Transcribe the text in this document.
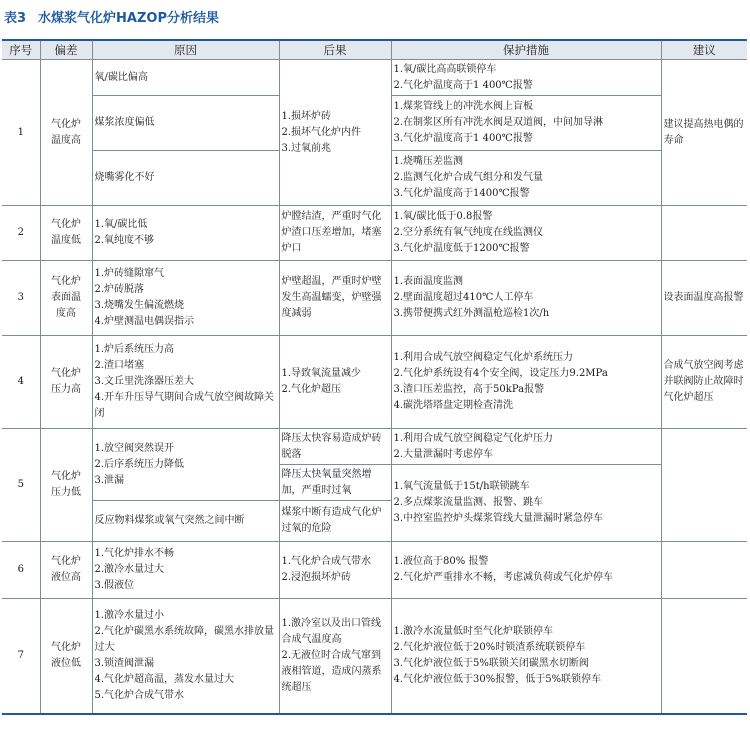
表3 水煤浆气化炉HAZOP分析结果
序号	偏差	原因	后果	保护措施	建议
1	气化炉温度高	氧/碳比偏高	1.损坏炉砖
2.损坏气化炉内件
3.过氧前兆	1.氧/碳比高高联锁停车
2.气化炉温度高于1 400℃报警	建议提高热电偶的寿命

		煤浆浓度偏低		1.煤浆管线上的冲洗水阀上盲板
2.在制浆区所有冲洗水阀是双道阀，中间加导淋
3.气化炉温度高于1 400℃报警	

		烧嘴雾化不好		1.烧嘴压差监测
2.监测气化炉合成气组分和发气量
3.气化炉温度高于1400℃报警	

2	气化炉温度低	1.氧/碳比低
2.氧纯度不够	炉膛结渣，严重时气化炉渣口压差增加，堵塞炉口	1.氧/碳比低于0.8报警
2.空分系统有氧气纯度在线监测仪
3.气化炉温度低于1200℃报警	

3	气化炉表面温度高	1.炉砖缝隙窜气
2.炉砖脱落
3.烧嘴发生偏流燃烧
4.炉壁测温电偶误指示	炉壁超温，严重时炉壁发生高温蠕变，炉壁强度减弱	1.表面温度监测
2.壁面温度超过410℃人工停车
3.携带便携式红外测温枪巡检1次/h	设表面温度高报警

4	气化炉压力高	1.炉后系统压力高
2.渣口堵塞
3.文丘里洗涤器压差大
4.开车升压导气期间合成气放空阀故障关闭	1.导致氧流量减少
2.气化炉超压	1.利用合成气放空阀稳定气化炉系统压力
2.气化炉系统设有4个安全阀，设定压力9.2MPa
3.渣口压差监控，高于50kPa报警
4.碳洗塔塔盘定期检查清洗	合成气放空阀考虑并联阀防止故障时气化炉超压

5	气化炉压力低	1.放空阀突然误开
2.后序系统压力降低
3.泄漏	降压太快容易造成炉砖脱落	1.利用合成气放空阀稳定气化炉压力
2.大量泄漏时考虑停车	

			降压太快氧量突然增加，严重时过氧	1.氧气流量低于15t/h联锁跳车
2.多点煤浆流量监测、报警、跳车
3.中控室监控炉头煤浆管线大量泄漏时紧急停车	

		反应物料煤浆或氧气突然之间中断	煤浆中断有造成气化炉过氧的危险		

6	气化炉液位高	1.气化炉排水不畅
2.激冷水量过大
3.假液位	1.气化炉合成气带水
2.浸泡损坏炉砖	1.液位高于80% 报警
2.气化炉严重排水不畅，考虑减负荷或气化炉停车	

7	气化炉液位低	1.激冷水量过小
2.气化炉碳黑水系统故障，碳黑水排放量过大
3.锁渣阀泄漏
4.气化炉超高温，蒸发水量过大
5.气化炉合成气带水	1.激冷室以及出口管线合成气温度高
2.无液位时合成气窜到液相管道，造成闪蒸系统超压	1.激冷水流量低时至气化炉联锁停车
2.气化炉液位低于20%时锁渣系统联锁停车
3.气化炉液位低于5%联锁关闭碳黑水切断阀
4.气化炉液位低于30%报警，低于5%联锁停车	
